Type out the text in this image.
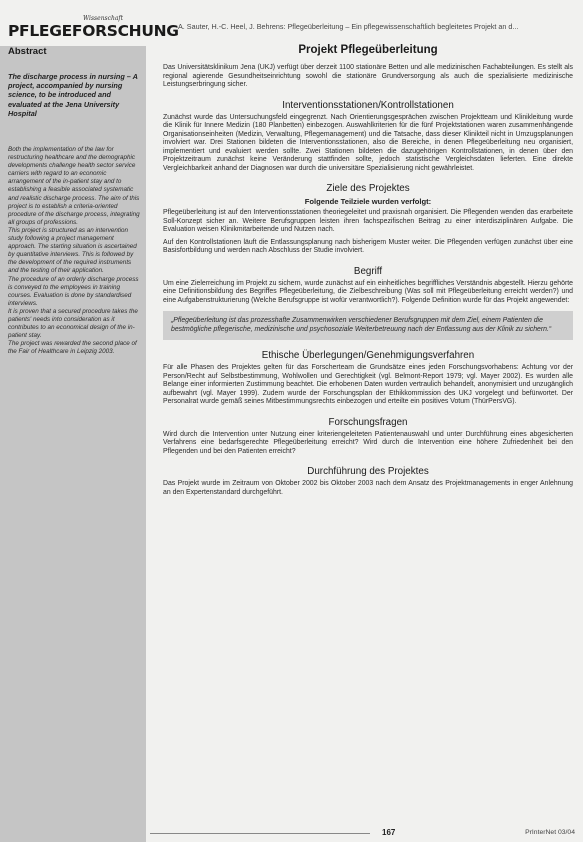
Wissenschaft
PFLEGEFORSCHUNG A. Sauter, H.-C. Heel, J. Behrens: Pflegeüberleitung – Ein pflegewissenschaftlich begleitetes Projekt an d...
Abstract
The discharge process in nursing – A project, accompanied by nursing science, to be introduced and evaluated at the Jena University Hospital

Both the implementation of the law for restructuring healthcare and the demographic developments challenge health sector service carriers with regard to an economic arrangement of the in-patient stay and to establishing a feasible associated systematic and realistic discharge process. The aim of this project is to establish a criteria-oriented procedure of the discharge process, integrating all groups of professions.

This project is structured as an intervention study following a project management approach. The starting situation is ascertained by quantitative interviews. This is followed by the development of the required instruments and the testing of their application.

The procedure of an orderly discharge process is conveyed to the employees in training courses. Evaluation is done by standardised interviews.

It is proven that a secured procedure takes the patients' needs into consideration as it contributes to an economical design of the in-patient stay.

The project was rewarded the second place of the Fair of Healthcare in Leipzig 2003.

Projekt Pflegeüberleitung

Das Universitätsklinikum Jena (UKJ) verfügt über derzeit 1100 stationäre Betten und alle medizinischen Fachabteilungen. Es stellt als regional agierende Gesundheitseinrichtung sowohl die stationäre Grundversorgung als auch die spezialisierte medizinische Leistungserbringung sicher.

Interventionsstationen/Kontrollstationen

Zunächst wurde das Untersuchungsfeld eingegrenzt. Nach Orientierungsgesprächen zwischen Projektteam und Klinikleitung wurde die Klinik für Innere Medizin (180 Planbetten) einbezogen. Auswahlkriterien für die fünf Projektstationen waren zusammenhängende Organisationseinheiten (Medizin, Verwaltung, Pflegemanagement) und die Tatsache, dass dieser Klinikteil nicht in Umzugsplanungen involviert war. Drei Stationen bildeten die Interventionsstationen, also die Bereiche, in denen Pflegeüberleitung neu organisiert, implementiert und evaluiert werden sollte. Zwei Stationen bildeten die dazugehörigen Kontrollstationen, in denen über den Projektzeitraum zunächst keine Veränderung stattfinden sollte, jedoch statistische Vergleichsdaten lieferten. Eine direkte Vergleichbarkeit anhand der Diagnosen war durch die universitäre Spezialisierung nicht gewährleistet.

Ziele des Projektes
Folgende Teilziele wurden verfolgt:

Pflegeüberleitung ist auf den Interventionsstationen theoriegeleitet und praxisnah organisiert. Die Pflegenden wenden das erarbeitete Soll-Konzept sicher an. Weitere Berufsgruppen leisten ihren fachspezifischen Beitrag zu einer interdisziplinären Aufgabe. Die Evaluation weisen Klinikmitarbeitende und Nutzen nach.

Auf den Kontrollstationen läuft die Entlassungsplanung nach bisherigem Muster weiter. Die Pflegenden verfügen zunächst über eine Basisfortbildung und werden nach Abschluss der Studie involviert.

Begriff

Um eine Zielerreichung im Projekt zu sichern, wurde zunächst auf ein einheitliches begriffliches Verständnis abgestellt. Hierzu gehörte eine Definitionsbildung des Begriffes Pflegeüberleitung, die Zielbeschreibung (Was soll mit Pflegeüberleitung erreicht werden?) und eine Aufgabenstrukturierung (Welche Berufsgruppe ist wofür verantwortlich?). Folgende Definition wurde für das Projekt angewendet:

„Pflegeüberleitung ist das prozesshafte Zusammenwirken verschiedener Berufsgruppen mit dem Ziel, einem Patienten die bestmögliche pflegerische, medizinische und psychosoziale Weiterbetreuung nach der Entlassung aus der Klinik zu sichern.“
Ethische Überlegungen/Genehmigungsverfahren

Für alle Phasen des Projektes gelten für das Forscherteam die Grundsätze eines jeden Forschungsvorhabens: Achtung vor der Person/Recht auf Selbstbestimmung, Wohlwollen und Gerechtigkeit (vgl. Belmont-Report 1979; vgl. Mayer 2002). Es wurden alle Belange einer informierten Zustimmung beachtet. Die erhobenen Daten wurden vertraulich behandelt, anonymisiert und unzugänglich aufbewahrt (vgl. Mayer 1999). Zudem wurde der Forschungsplan der Ethikkommission des UKJ vorgelegt und befürwortet. Der Personalrat wurde gemäß seines Mitbestimmungsrechts einbezogen und erteilte ein positives Votum (ThürPersVG).

Forschungsfragen

Wird durch die Intervention unter Nutzung einer kriteriengeleiteten Patientenauswahl und unter Durchführung eines abgesicherten Verfahrens eine bedarfsgerechte Pflegeüberleitung erreicht? Wird durch die Intervention eine höhere Zufriedenheit bei den Pflegenden und bei den Patienten erreicht?

Durchführung des Projektes

Das Projekt wurde im Zeitraum von Oktober 2002 bis Oktober 2003 nach dem Ansatz des Projektmanagements in enger Anlehnung an den Expertenstandard durchgeführt.

167	PrInterNet 03/04
